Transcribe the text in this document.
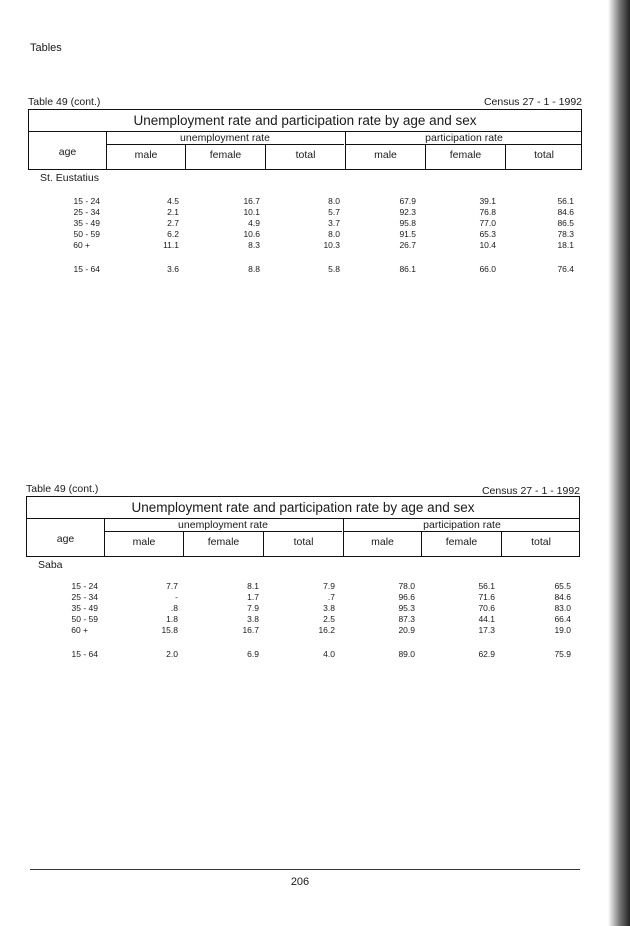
Tables
Table 49 (cont.)	Census 27 - 1 - 1992
Unemployment rate and participation rate by age and sex
unemployment rate	participation rate
age	male	female	total	male	female	total
St. Eustatius
15 - 24	4.5	16.7	8.0	67.9	39.1	56.1
25 - 34	2.1	10.1	5.7	92.3	76.8	84.6
35 - 49	2.7	4.9	3.7	95.8	77.0	86.5
50 - 59	6.2	10.6	8.0	91.5	65.3	78.3
60 +	11.1	8.3	10.3	26.7	10.4	18.1
15 - 64	3.6	8.8	5.8	86.1	66.0	76.4
Table 49 (cont.)	Census 27 - 1 - 1992
Unemployment rate and participation rate by age and sex
unemployment rate	participation rate
age	male	female	total	male	female	total
Saba
15 - 24	7.7	8.1	7.9	78.0	56.1	65.5
25 - 34	-	1.7	.7	96.6	71.6	84.6
35 - 49	.8	7.9	3.8	95.3	70.6	83.0
50 - 59	1.8	3.8	2.5	87.3	44.1	66.4
60 +	15.8	16.7	16.2	20.9	17.3	19.0
15 - 64	2.0	6.9	4.0	89.0	62.9	75.9
206
